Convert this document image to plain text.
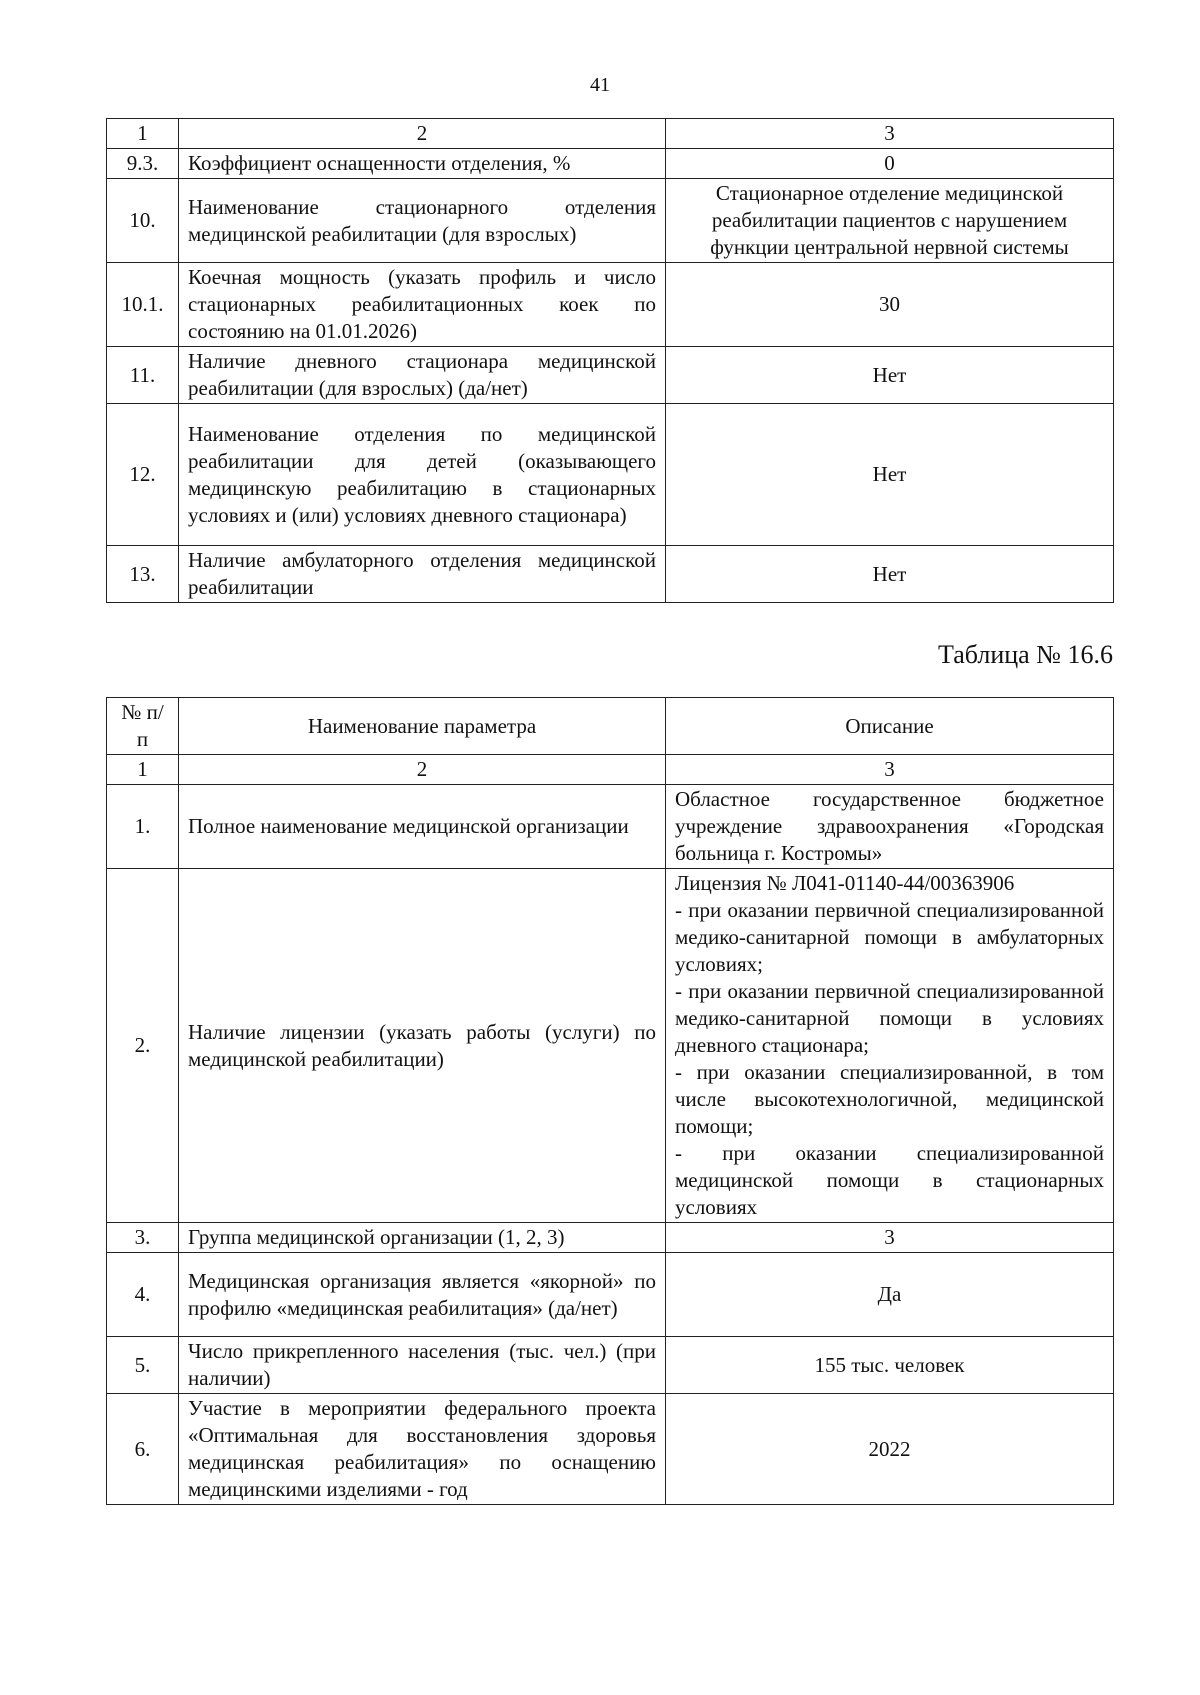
41
1	2	3
9.3.	Коэффициент оснащенности отделения, %	0
10.	Наименование стационарного отделения медицинской реабилитации (для взрослых)	Стационарное отделение медицинской реабилитации пациентов с нарушением функции центральной нервной системы
10.1.	Коечная мощность (указать профиль и число стационарных реабилитационных коек по состоянию на 01.01.2026)	30
11.	Наличие дневного стационара медицинской реабилитации (для взрослых) (да/нет)	Нет
12.	Наименование отделения по медицинской реабилитации для детей (оказывающего медицинскую реабилитацию в стационарных условиях и (или) условиях дневного стационара)	Нет
13.	Наличие амбулаторного отделения медицинской реабилитации	Нет
Таблица № 16.6
№ п/п	Наименование параметра	Описание
1	2	3
1.	Полное наименование медицинской организации	Областное государственное бюджетное учреждение здравоохранения «Городская больница г. Костромы»
2.	Наличие лицензии (указать работы (услуги) по медицинской реабилитации)	Лицензия № Л041-01140-44/00363906
- при оказании первичной специализированной медико-санитарной помощи в амбулаторных условиях;
- при оказании первичной специализированной медико-санитарной помощи в условиях дневного стационара;
- при оказании специализированной, в том числе высокотехнологичной, медицинской помощи;
- при оказании специализированной медицинской помощи в стационарных условиях

3.	Группа медицинской организации (1, 2, 3)	3
4.	Медицинская организация является «якорной» по профилю «медицинская реабилитация» (да/нет)	Да
5.	Число прикрепленного населения (тыс. чел.) (при наличии)	155 тыс. человек
6.	Участие в мероприятии федерального проекта «Оптимальная для восстановления здоровья медицинская реабилитация» по оснащению медицинскими изделиями - год	2022
